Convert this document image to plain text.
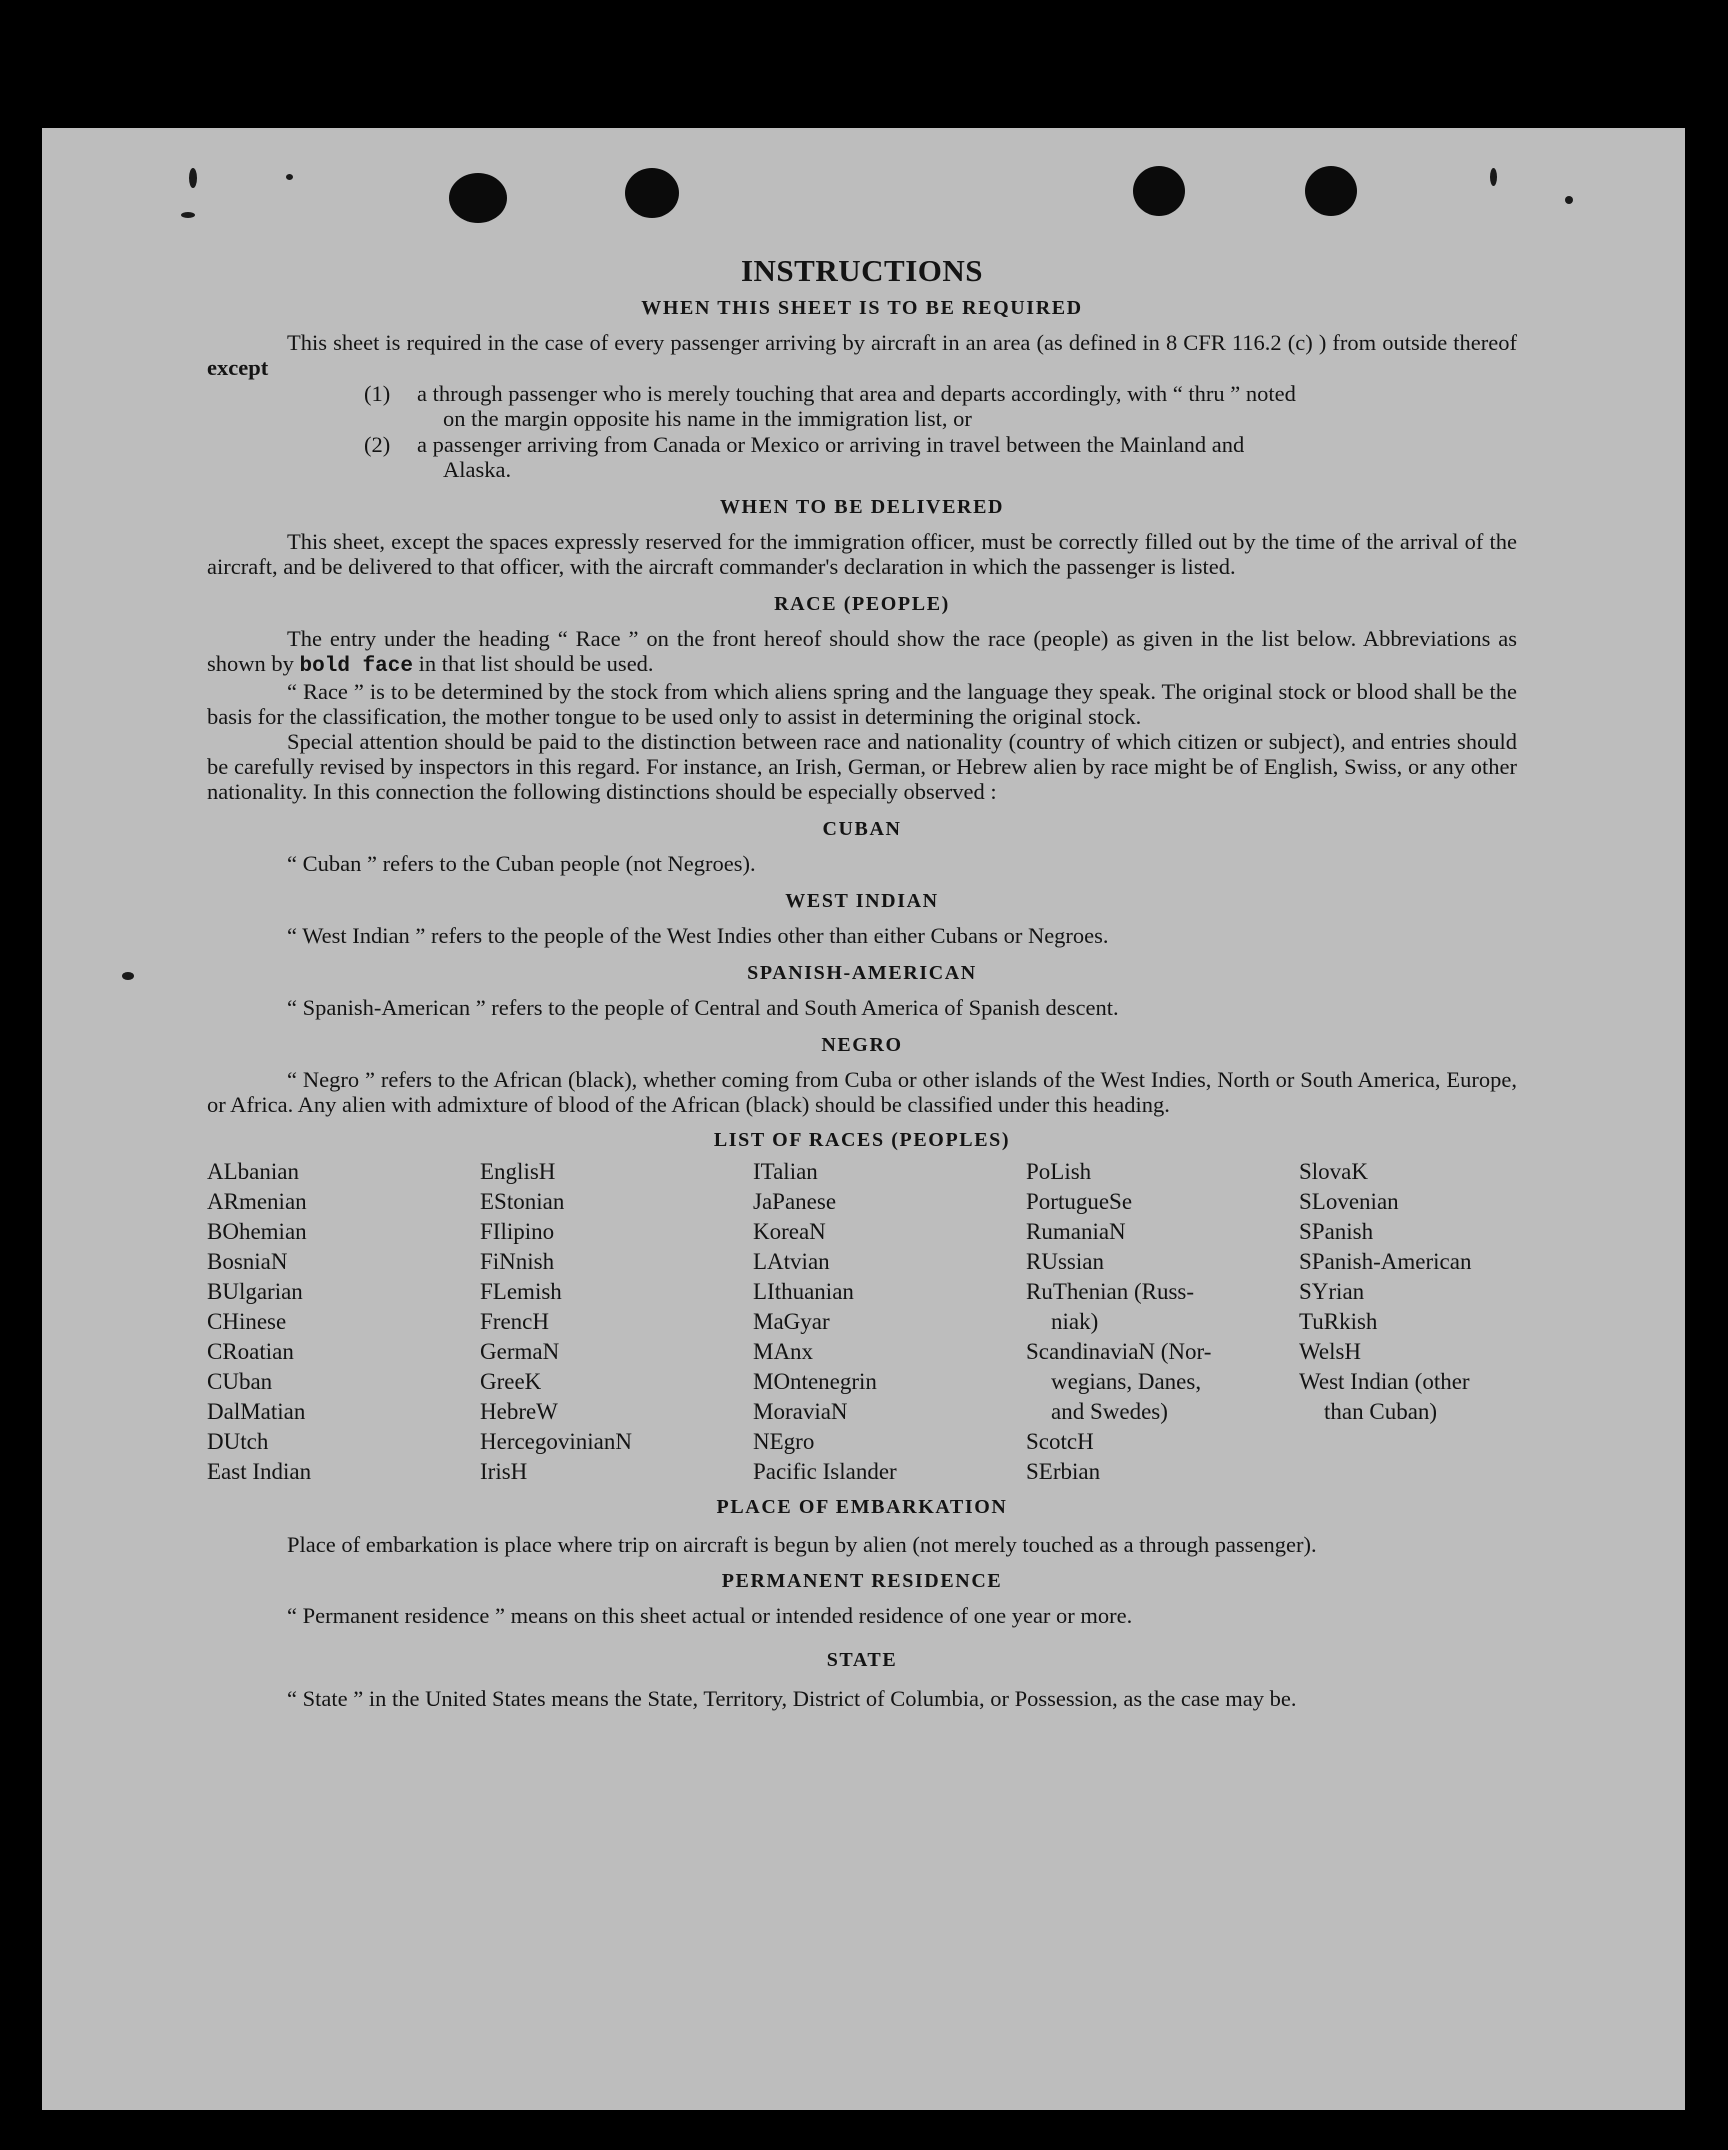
INSTRUCTIONS
WHEN THIS SHEET IS TO BE REQUIRED

This sheet is required in the case of every passenger arriving by aircraft in an area (as defined in 8 CFR 116.2 (c) ) from outside thereof except

(1)	a through passenger who is merely touching that area and departs accordingly, with “ thru ” noted
on the margin opposite his name in the immigration list, or
(2)	a passenger arriving from Canada or Mexico or arriving in travel between the Mainland and
Alaska.
WHEN TO BE DELIVERED

This sheet, except the spaces expressly reserved for the immigration officer, must be correctly filled out by the time of the arrival of the aircraft, and be delivered to that officer, with the aircraft commander's declaration in which the passenger is listed.

RACE (PEOPLE)

The entry under the heading “ Race ” on the front hereof should show the race (people) as given in the list below. Abbreviations as shown by bold face in that list should be used.

“ Race ” is to be determined by the stock from which aliens spring and the language they speak. The original stock or blood shall be the basis for the classification, the mother tongue to be used only to assist in determining the original stock.

Special attention should be paid to the distinction between race and nationality (country of which citizen or subject), and entries should be carefully revised by inspectors in this regard. For instance, an Irish, German, or Hebrew alien by race might be of English, Swiss, or any other nationality. In this connection the following distinctions should be especially observed :

CUBAN

“ Cuban ” refers to the Cuban people (not Negroes).

WEST INDIAN

“ West Indian ” refers to the people of the West Indies other than either Cubans or Negroes.

SPANISH-AMERICAN

“ Spanish-American ” refers to the people of Central and South America of Spanish descent.

NEGRO

“ Negro ” refers to the African (black), whether coming from Cuba or other islands of the West Indies, North or South America, Europe, or Africa. Any alien with admixture of blood of the African (black) should be classified under this heading.

LIST OF RACES (PEOPLES)
ALbanian
ARmenian
BOhemian
BosniaN
BUlgarian
CHinese
CRoatian
CUban
DalMatian
DUtch
East Indian
EnglisH
EStonian
FIlipino
FiNnish
FLemish
FrencH
GermaN
GreeK
HebreW
HercegovinianN
IrisH
ITalian
JaPanese
KoreaN
LAtvian
LIthuanian
MaGyar
MAnx
MOntenegrin
MoraviaN
NEgro
Pacific Islander
PoLish
PortugueSe
RumaniaN
RUssian
RuThenian (Russ-
niak)
ScandinaviaN (Nor-
wegians, Danes,
and Swedes)
ScotcH
SErbian
SlovaK
SLovenian
SPanish
SPanish-American
SYrian
TuRkish
WelsH
West Indian (other
than Cuban)
PLACE OF EMBARKATION

Place of embarkation is place where trip on aircraft is begun by alien (not merely touched as a through passenger).

PERMANENT RESIDENCE

“ Permanent residence ” means on this sheet actual or intended residence of one year or more.

STATE

“ State ” in the United States means the State, Territory, District of Columbia, or Possession, as the case may be.
